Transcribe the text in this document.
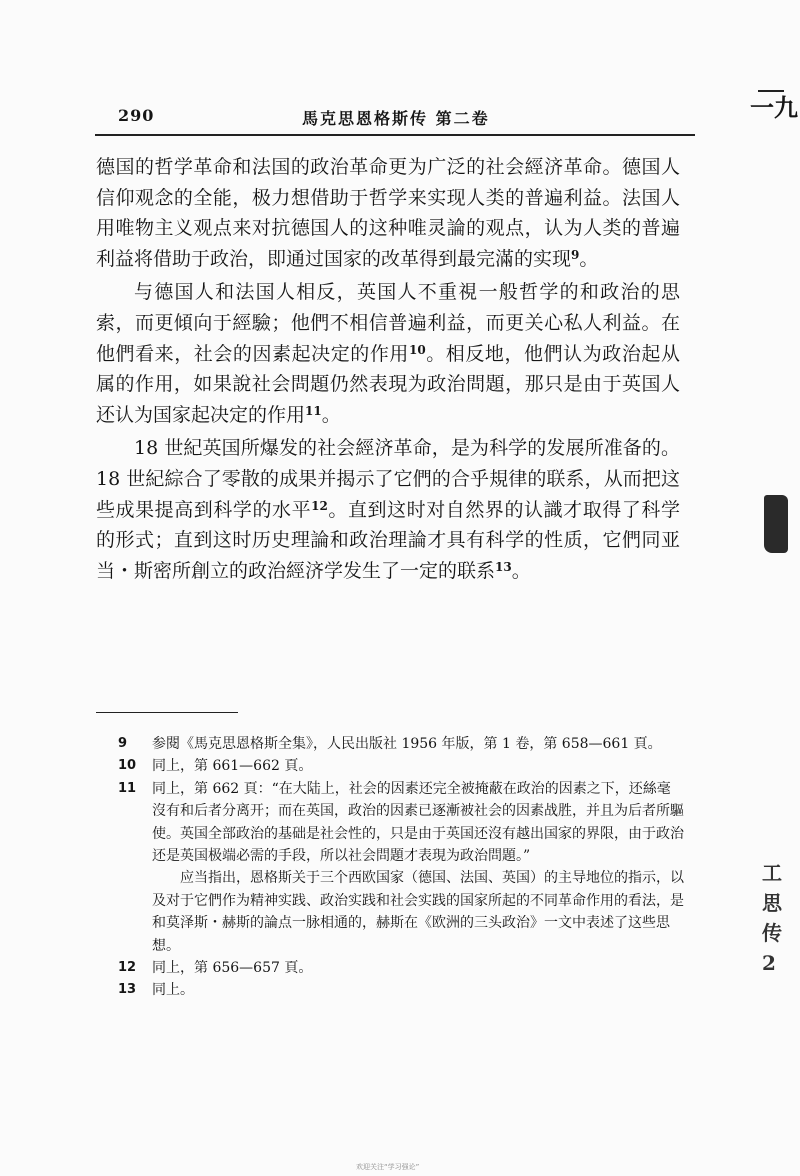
290	馬克思恩格斯传 第二卷	一九
工思传2

德国的哲学革命和法国的政治革命更为广泛的社会經济革命。德国人信仰观念的全能，极力想借助于哲学来实现人类的普遍利益。法国人用唯物主义观点来对抗德国人的这种唯灵論的观点，认为人类的普遍利益将借助于政治，即通过国家的改革得到最完滿的实现$^9$。

与德国人和法国人相反，英国人不重視一般哲学的和政治的思索，而更傾向于經驗；他們不相信普遍利益，而更关心私人利益。在他們看来，社会的因素起决定的作用$^{10}$。相反地，他們认为政治起从属的作用，如果說社会問題仍然表現为政治問題，那只是由于英国人还认为国家起决定的作用$^{11}$。

18 世紀英国所爆发的社会經济革命，是为科学的发展所准备的。18 世紀綜合了零散的成果并揭示了它們的合乎規律的联系，从而把这些成果提高到科学的水平$^{12}$。直到这时对自然界的认識才取得了科学的形式；直到这时历史理論和政治理論才具有科学的性质，它們同亚当・斯密所創立的政治經济学发生了一定的联系$^{13}$。

9 参閱《馬克思恩格斯全集》，人民出版社 1956 年版，第 1 卷，第 658—661 頁。
10 同上，第 661—662 頁。
11 同上，第 662 頁：“在大陆上，社会的因素还完全被掩蔽在政治的因素之下，还絲毫沒有和后者分离开；而在英国，政治的因素已逐漸被社会的因素战胜，并且为后者所驅使。英国全部政治的基础是社会性的，只是由于英国还沒有越出国家的界限，由于政治还是英国极端必需的手段，所以社会問題才表現为政治問題。”
应当指出，恩格斯关于三个西欧国家（德国、法国、英国）的主导地位的指示，以及对于它們作为精神实践、政治实践和社会实践的国家所起的不同革命作用的看法，是和莫泽斯・赫斯的論点一脉相通的，赫斯在《欧洲的三头政治》一文中表述了这些思想。
12 同上，第 656—657 頁。
13 同上。
欢迎关注“学习强论”
